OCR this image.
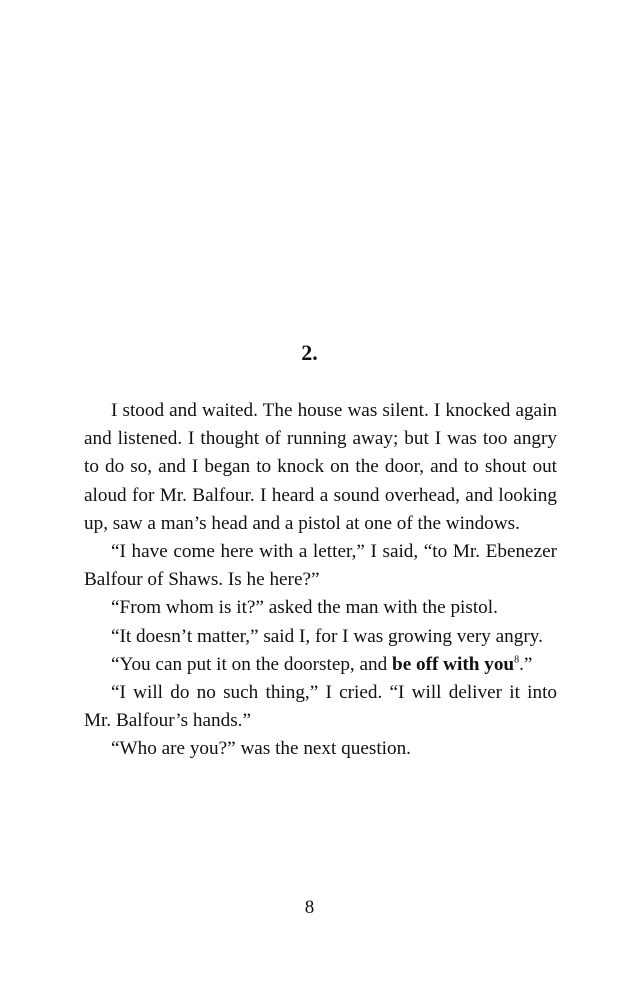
2.

I stood and waited. The house was silent. I knocked again and listened. I thought of running away; but I was too angry to do so, and I began to knock on the door, and to shout out aloud for Mr. Balfour. I heard a sound overhead, and looking up, saw a man’s head and a pistol at one of the windows.

“I have come here with a letter,” I said, “to Mr. Ebenezer Balfour of Shaws. Is he here?”

“From whom is it?” asked the man with the pistol.

“It doesn’t matter,” said I, for I was growing very angry.

“You can put it on the doorstep, and be off with you$^8$.”

“I will do no such thing,” I cried. “I will deliver it into Mr. Balfour’s hands.”

“Who are you?” was the next question.

8
